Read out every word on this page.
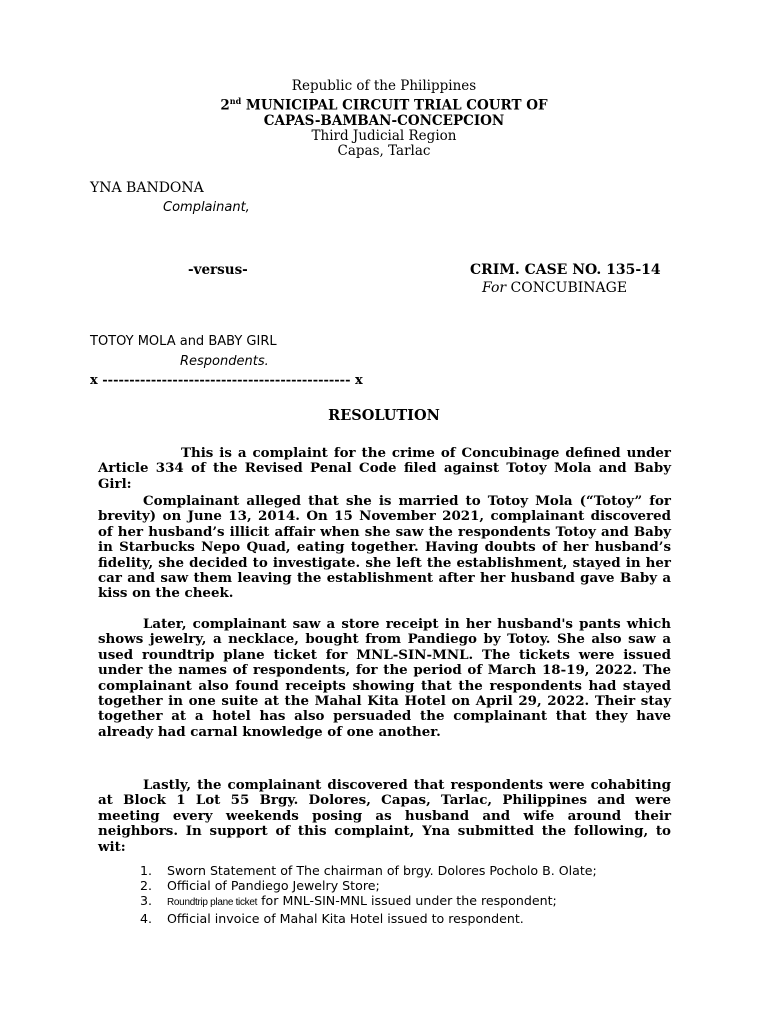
Republic of the Philippines
2nd MUNICIPAL CIRCUIT TRIAL COURT OF
CAPAS-BAMBAN-CONCEPCION
Third Judicial Region
Capas, Tarlac
YNA BANDONA
Complainant,
-versus-	CRIM. CASE NO. 135-14
For CONCUBINAGE
TOTOY MOLA and BABY GIRL
Respondents.
x ---------------------------------------------- x
RESOLUTION
This is a complaint for the crime of Concubinage defined under Article 334 of the Revised Penal Code filed against Totoy Mola and Baby Girl:
Complainant alleged that she is married to Totoy Mola (“Totoy” for brevity) on June 13, 2014. On 15 November 2021, complainant discovered of her husband’s illicit affair when she saw the respondents Totoy and Baby in Starbucks Nepo Quad, eating together. Having doubts of her husband’s fidelity, she decided to investigate. she left the establishment, stayed in her car and saw them leaving the establishment after her husband gave Baby a kiss on the cheek.
Later, complainant saw a store receipt in her husband's pants which shows jewelry, a necklace, bought from Pandiego by Totoy. She also saw a used roundtrip plane ticket for MNL-SIN-MNL. The tickets were issued under the names of respondents, for the period of March 18-19, 2022. The complainant also found receipts showing that the respondents had stayed together in one suite at the Mahal Kita Hotel on April 29, 2022. Their stay together at a hotel has also persuaded the complainant that they have already had carnal knowledge of one another.
Lastly, the complainant discovered that respondents were cohabiting at Block 1 Lot 55 Brgy. Dolores, Capas, Tarlac, Philippines and were meeting every weekends posing as husband and wife around their neighbors. In support of this complaint, Yna submitted the following, to wit:
1. Sworn Statement of The chairman of brgy. Dolores Pocholo B. Olate;
2. Official of Pandiego Jewelry Store;
3. Roundtrip plane ticket for MNL-SIN-MNL issued under the respondent;
4. Official invoice of Mahal Kita Hotel issued to respondent.
